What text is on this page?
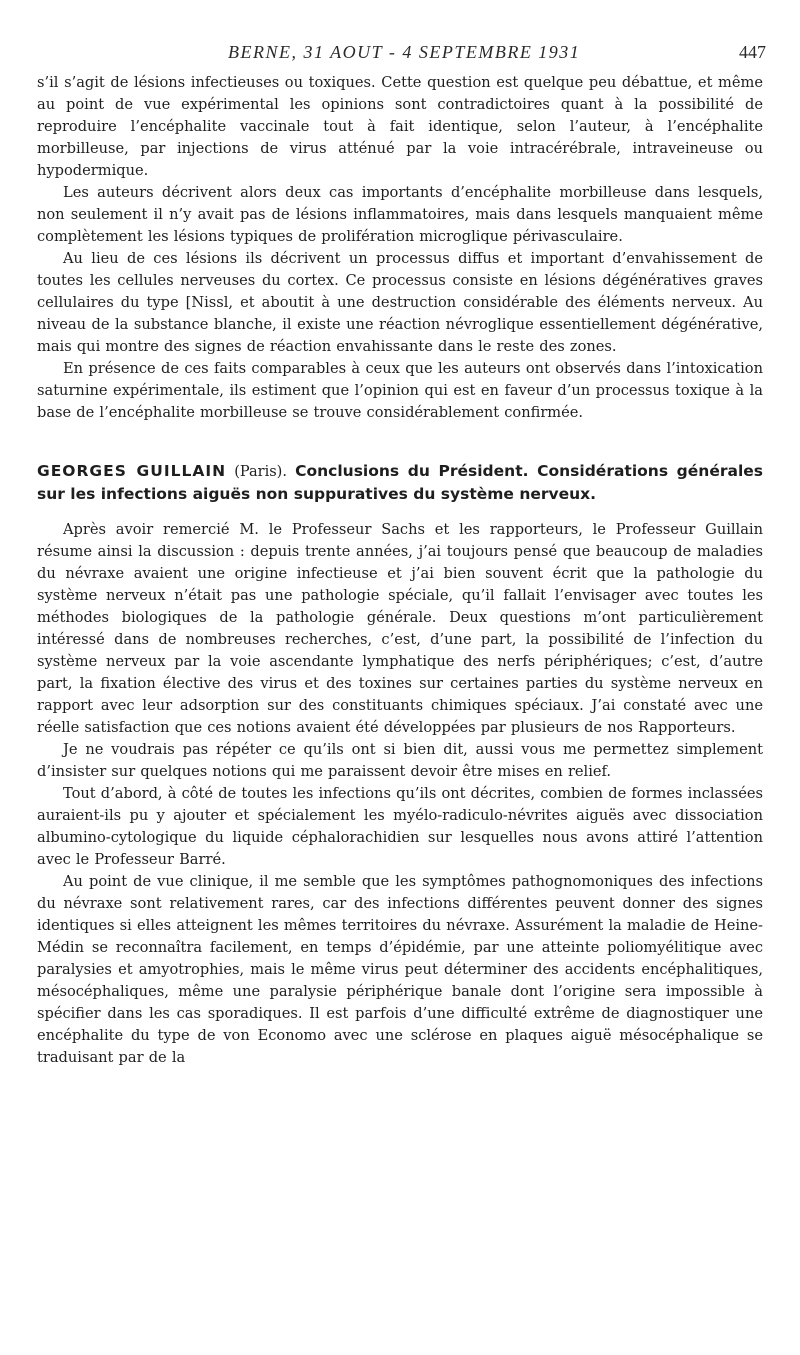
BERNE, 31 AOUT - 4 SEPTEMBRE 1931	447

s’il s’agit de lésions infectieuses ou toxiques. Cette question est quelque peu débattue, et même au point de vue expérimental les opinions sont contradictoires quant à la possibilité de reproduire l’encéphalite vaccinale tout à fait identique, selon l’auteur, à l’encéphalite morbilleuse, par injections de virus atténué par la voie intracérébrale, intraveineuse ou hypodermique.

Les auteurs décrivent alors deux cas importants d’encéphalite morbilleuse dans lesquels, non seulement il n’y avait pas de lésions inflammatoires, mais dans lesquels manquaient même complètement les lésions typiques de prolifération microglique périvasculaire.

Au lieu de ces lésions ils décrivent un processus diffus et important d’envahissement de toutes les cellules nerveuses du cortex. Ce processus consiste en lésions dégénératives graves cellulaires du type [Nissl, et aboutit à une destruction considérable des éléments nerveux. Au niveau de la substance blanche, il existe une réaction névroglique essentiellement dégénérative, mais qui montre des signes de réaction envahissante dans le reste des zones.

En présence de ces faits comparables à ceux que les auteurs ont observés dans l’intoxication saturnine expérimentale, ils estiment que l’opinion qui est en faveur d’un processus toxique à la base de l’encéphalite morbilleuse se trouve considérablement confirmée.

GEORGES GUILLAIN (Paris). Conclusions du Président. Considérations générales sur les infections aiguës non suppuratives du système nerveux.

Après avoir remercié M. le Professeur Sachs et les rapporteurs, le Professeur Guillain résume ainsi la discussion : depuis trente années, j’ai toujours pensé que beaucoup de maladies du névraxe avaient une origine infectieuse et j’ai bien souvent écrit que la pathologie du système nerveux n’était pas une pathologie spéciale, qu’il fallait l’envisager avec toutes les méthodes biologiques de la pathologie générale. Deux questions m’ont particulièrement intéressé dans de nombreuses recherches, c’est, d’une part, la possibilité de l’infection du système nerveux par la voie ascendante lymphatique des nerfs périphériques; c’est, d’autre part, la fixation élective des virus et des toxines sur certaines parties du système nerveux en rapport avec leur adsorption sur des constituants chimiques spéciaux. J’ai constaté avec une réelle satisfaction que ces notions avaient été développées par plusieurs de nos Rapporteurs.

Je ne voudrais pas répéter ce qu’ils ont si bien dit, aussi vous me permettez simplement d’insister sur quelques notions qui me paraissent devoir être mises en relief.

Tout d’abord, à côté de toutes les infections qu’ils ont décrites, combien de formes inclassées auraient-ils pu y ajouter et spécialement les myélo-radiculo-névrites aiguës avec dissociation albumino-cytologique du liquide céphalorachidien sur lesquelles nous avons attiré l’attention avec le Professeur Barré.

Au point de vue clinique, il me semble que les symptômes pathognomoniques des infections du névraxe sont relativement rares, car des infections différentes peuvent donner des signes identiques si elles atteignent les mêmes territoires du névraxe. Assurément la maladie de Heine-Médin se reconnaîtra facilement, en temps d’épidémie, par une atteinte poliomyélitique avec paralysies et amyotrophies, mais le même virus peut déterminer des accidents encéphalitiques, mésocéphaliques, même une paralysie périphérique banale dont l’origine sera impossible à spécifier dans les cas sporadiques. Il est parfois d’une difficulté extrême de diagnostiquer une encéphalite du type de von Economo avec une sclérose en plaques aiguë mésocéphalique se traduisant par de la
